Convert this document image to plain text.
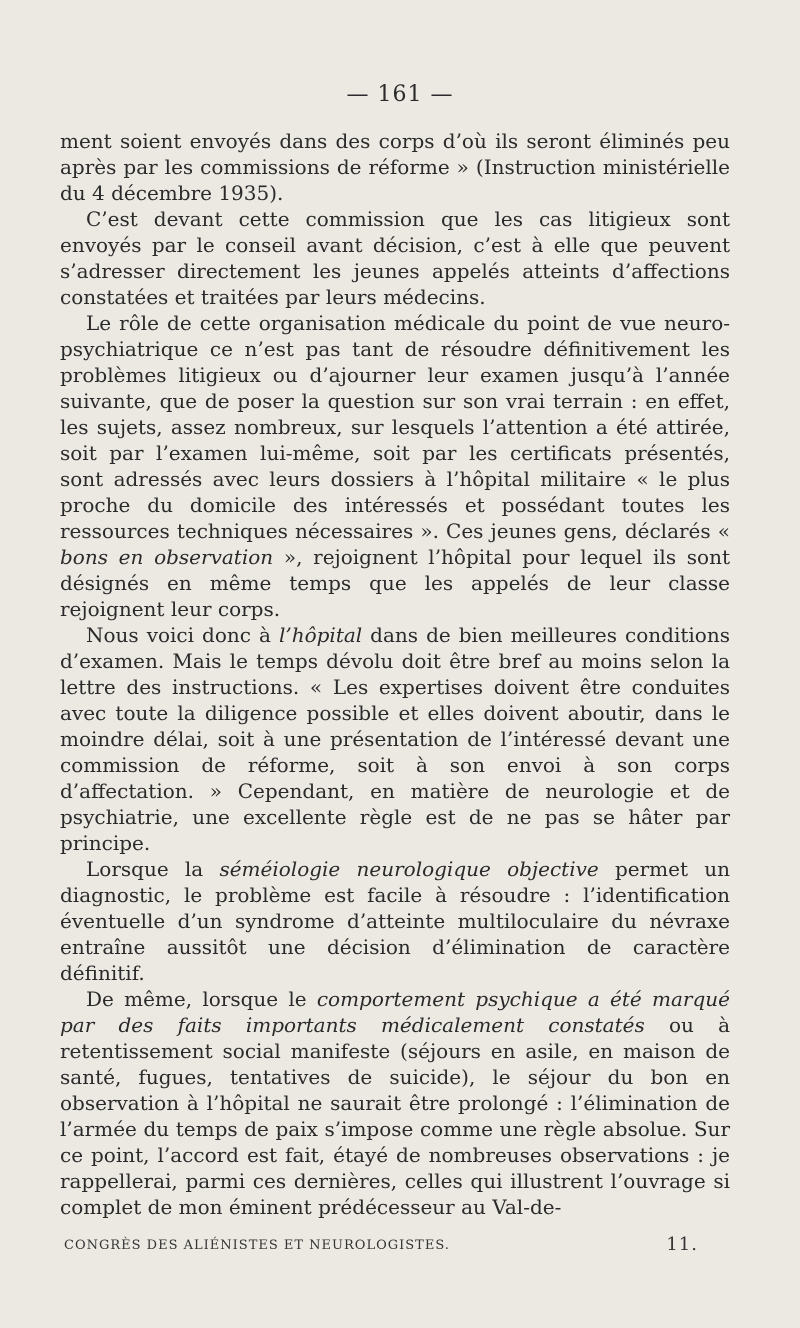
— 161 —

ment soient envoyés dans des corps d’où ils seront éliminés peu après par les commissions de réforme » (Instruction ministérielle du 4 décembre 1935).

C’est devant cette commission que les cas litigieux sont envoyés par le conseil avant décision, c’est à elle que peuvent s’adresser directement les jeunes appelés atteints d’affections constatées et traitées par leurs médecins.

Le rôle de cette organisation médicale du point de vue neuro-psychiatrique ce n’est pas tant de résoudre définitivement les problèmes litigieux ou d’ajourner leur examen jusqu’à l’année suivante, que de poser la question sur son vrai terrain : en effet, les sujets, assez nombreux, sur lesquels l’attention a été attirée, soit par l’examen lui-même, soit par les certificats présentés, sont adressés avec leurs dossiers à l’hôpital militaire « le plus proche du domicile des intéressés et possédant toutes les ressources techniques nécessaires ». Ces jeunes gens, déclarés « bons en observation », rejoignent l’hôpital pour lequel ils sont désignés en même temps que les appelés de leur classe rejoignent leur corps.

Nous voici donc à l’hôpital dans de bien meilleures conditions d’examen. Mais le temps dévolu doit être bref au moins selon la lettre des instructions. « Les expertises doivent être conduites avec toute la diligence possible et elles doivent aboutir, dans le moindre délai, soit à une présentation de l’intéressé devant une commission de réforme, soit à son envoi à son corps d’affectation. » Cependant, en matière de neurologie et de psychiatrie, une excellente règle est de ne pas se hâter par principe.

Lorsque la séméiologie neurologique objective permet un diagnostic, le problème est facile à résoudre : l’identification éventuelle d’un syndrome d’atteinte multiloculaire du névraxe entraîne aussitôt une décision d’élimination de caractère définitif.

De même, lorsque le comportement psychique a été marqué par des faits importants médicalement constatés ou à retentissement social manifeste (séjours en asile, en maison de santé, fugues, tentatives de suicide), le séjour du bon en observation à l’hôpital ne saurait être prolongé : l’élimination de l’armée du temps de paix s’impose comme une règle absolue. Sur ce point, l’accord est fait, étayé de nombreuses observations : je rappellerai, parmi ces dernières, celles qui illustrent l’ouvrage si complet de mon éminent prédécesseur au Val-de-

CONGRÈS DES ALIÉNISTES ET NEUROLOGISTES.	11.
